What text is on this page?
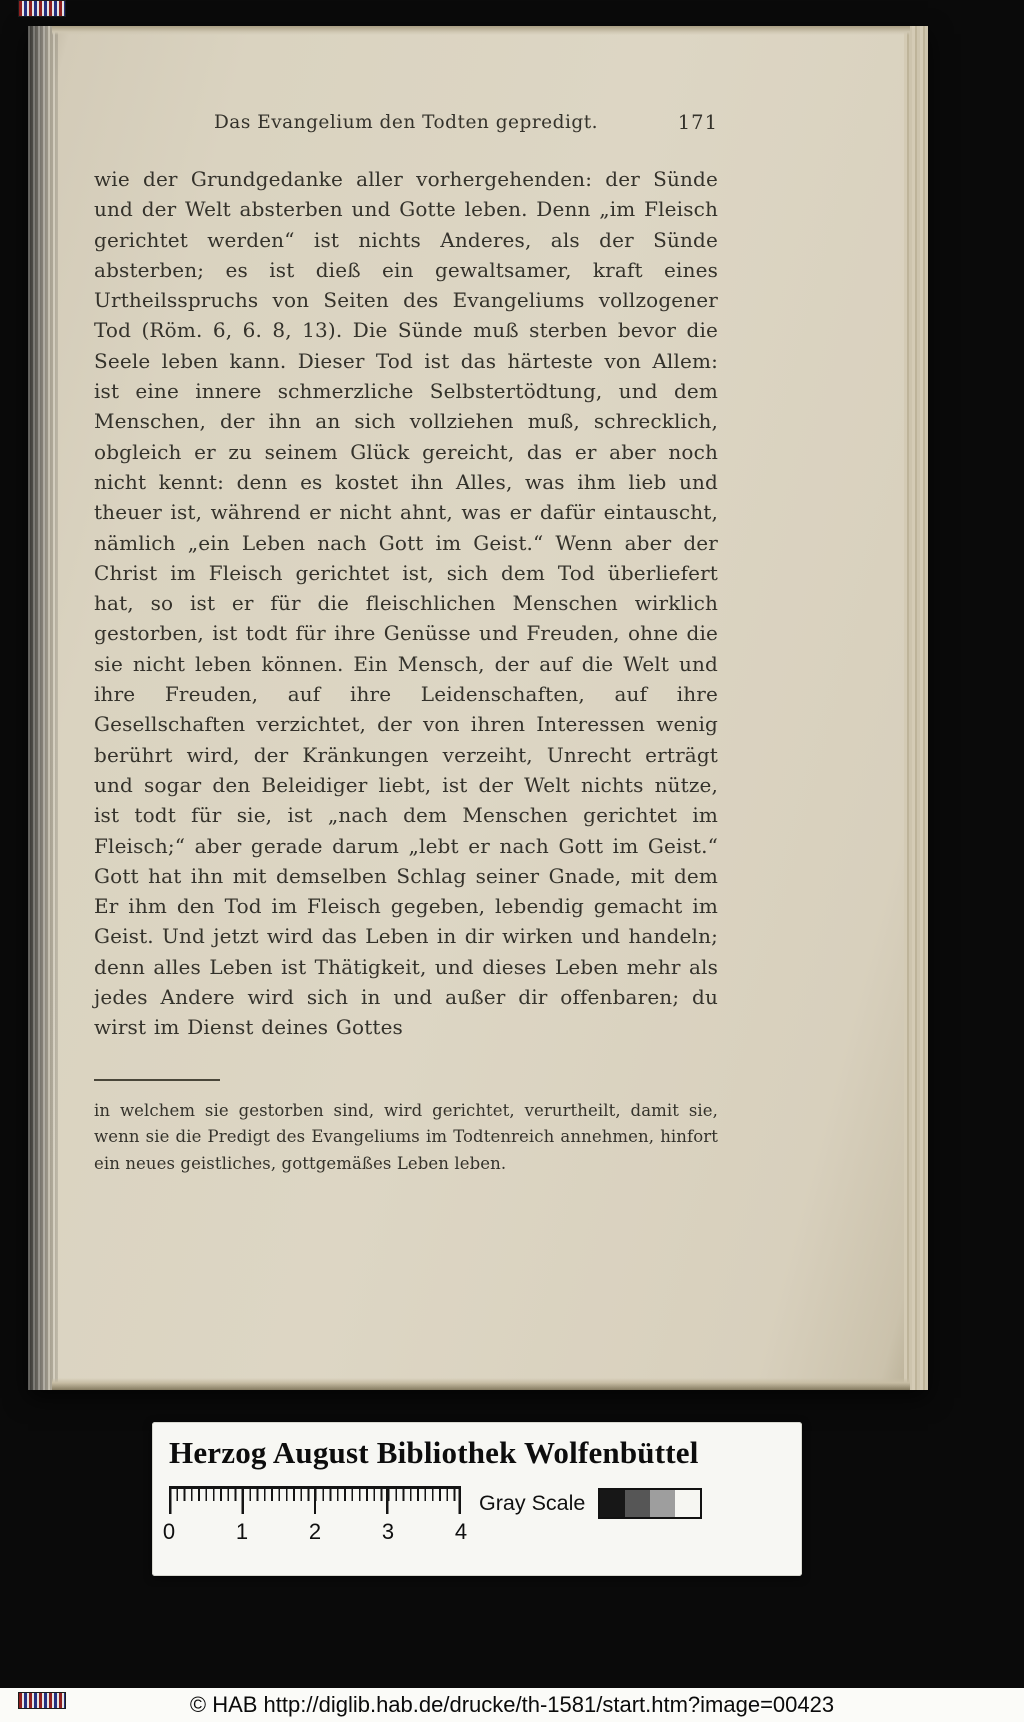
Das Evangelium den Todten gepredigt.	171
wie der Grundgedanke aller vorhergehenden: der Sünde und der Welt absterben und Gotte leben. Denn „im Fleisch gerichtet werden“ ist nichts Anderes, als der Sünde absterben; es ist dieß ein gewaltsamer, kraft eines Urtheilsspruchs von Seiten des Evangeliums vollzogener Tod (Röm. 6, 6. 8, 13). Die Sünde muß sterben bevor die Seele leben kann. Dieser Tod ist das härteste von Allem: ist eine innere schmerzliche Selbstertödtung, und dem Menschen, der ihn an sich vollziehen muß, schrecklich, obgleich er zu seinem Glück gereicht, das er aber noch nicht kennt: denn es kostet ihn Alles, was ihm lieb und theuer ist, während er nicht ahnt, was er dafür eintauscht, nämlich „ein Leben nach Gott im Geist.“ Wenn aber der Christ im Fleisch gerichtet ist, sich dem Tod überliefert hat, so ist er für die fleischlichen Menschen wirklich gestorben, ist todt für ihre Genüsse und Freuden, ohne die sie nicht leben können. Ein Mensch, der auf die Welt und ihre Freuden, auf ihre Leidenschaften, auf ihre Gesellschaften verzichtet, der von ihren Interessen wenig berührt wird, der Kränkungen verzeiht, Unrecht erträgt und sogar den Beleidiger liebt, ist der Welt nichts nütze, ist todt für sie, ist „nach dem Menschen gerichtet im Fleisch;“ aber gerade darum „lebt er nach Gott im Geist.“ Gott hat ihn mit demselben Schlag seiner Gnade, mit dem Er ihm den Tod im Fleisch gegeben, lebendig gemacht im Geist. Und jetzt wird das Leben in dir wirken und handeln; denn alles Leben ist Thätigkeit, und dieses Leben mehr als jedes Andere wird sich in und außer dir offenbaren; du wirst im Dienst deines Gottes
in welchem sie gestorben sind, wird gerichtet, verurtheilt, damit sie, wenn sie die Predigt des Evangeliums im Todtenreich annehmen, hinfort ein neues geistliches, gottgemäßes Leben leben.
Herzog August Bibliothek Wolfenbüttel
0	1	2	3	4
Gray Scale
© HAB http://diglib.hab.de/drucke/th-1581/start.htm?image=00423
